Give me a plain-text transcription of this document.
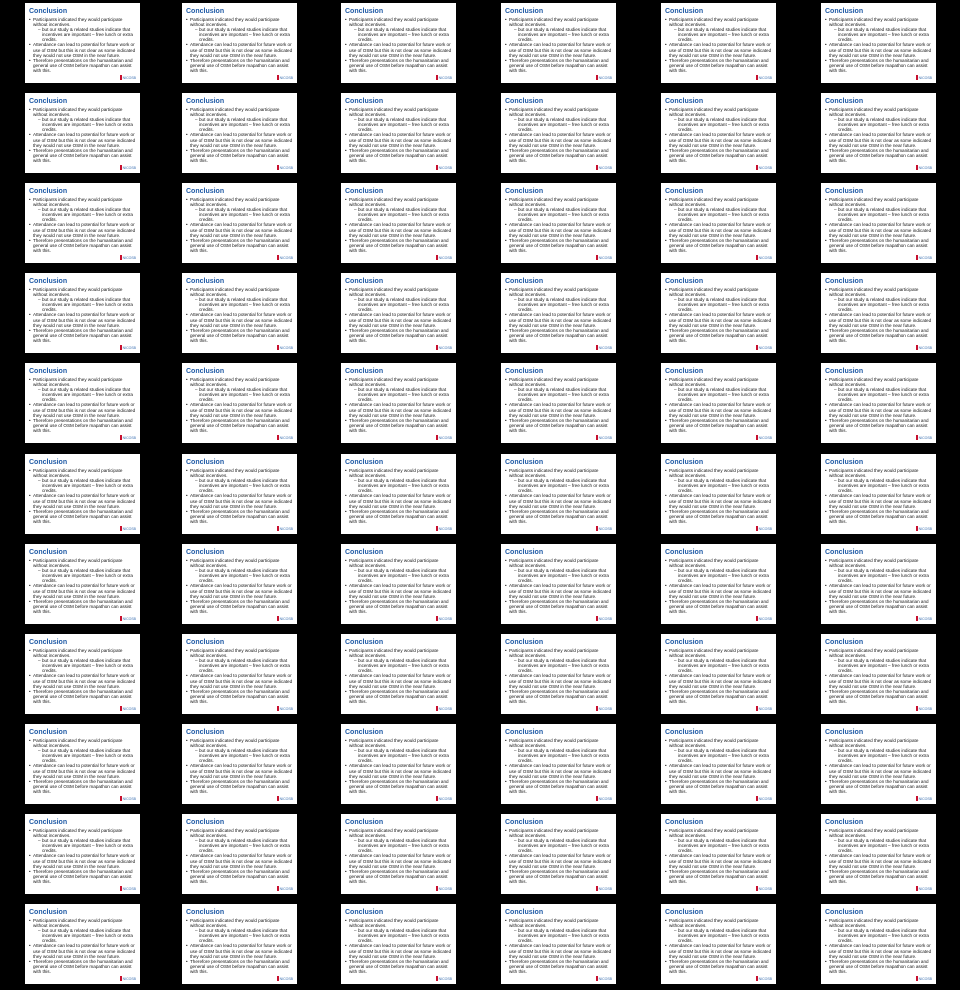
Conclusion
• Participants indicated they would participate without incentives.
– but our study & related studies indicate that incentives are important – free lunch or extra credits.
• Attendance can lead to potential for future work or use of OSM but this is not clear as some indicated they would not use OSM in the near future.
• Therefore presentations on the humanitarian and general use of OSM before mapathon can assist with this.
NICOSB
Conclusion
• Participants indicated they would participate without incentives.
– but our study & related studies indicate that incentives are important – free lunch or extra credits.
• Attendance can lead to potential for future work or use of OSM but this is not clear as some indicated they would not use OSM in the near future.
• Therefore presentations on the humanitarian and general use of OSM before mapathon can assist with this.
NICOSB
Conclusion
• Participants indicated they would participate without incentives.
– but our study & related studies indicate that incentives are important – free lunch or extra credits.
• Attendance can lead to potential for future work or use of OSM but this is not clear as some indicated they would not use OSM in the near future.
• Therefore presentations on the humanitarian and general use of OSM before mapathon can assist with this.
NICOSB
Conclusion
• Participants indicated they would participate without incentives.
– but our study & related studies indicate that incentives are important – free lunch or extra credits.
• Attendance can lead to potential for future work or use of OSM but this is not clear as some indicated they would not use OSM in the near future.
• Therefore presentations on the humanitarian and general use of OSM before mapathon can assist with this.
NICOSB
Conclusion
• Participants indicated they would participate without incentives.
– but our study & related studies indicate that incentives are important – free lunch or extra credits.
• Attendance can lead to potential for future work or use of OSM but this is not clear as some indicated they would not use OSM in the near future.
• Therefore presentations on the humanitarian and general use of OSM before mapathon can assist with this.
NICOSB
Conclusion
• Participants indicated they would participate without incentives.
– but our study & related studies indicate that incentives are important – free lunch or extra credits.
• Attendance can lead to potential for future work or use of OSM but this is not clear as some indicated they would not use OSM in the near future.
• Therefore presentations on the humanitarian and general use of OSM before mapathon can assist with this.
NICOSB
Conclusion
• Participants indicated they would participate without incentives.
– but our study & related studies indicate that incentives are important – free lunch or extra credits.
• Attendance can lead to potential for future work or use of OSM but this is not clear as some indicated they would not use OSM in the near future.
• Therefore presentations on the humanitarian and general use of OSM before mapathon can assist with this.
NICOSB
Conclusion
• Participants indicated they would participate without incentives.
– but our study & related studies indicate that incentives are important – free lunch or extra credits.
• Attendance can lead to potential for future work or use of OSM but this is not clear as some indicated they would not use OSM in the near future.
• Therefore presentations on the humanitarian and general use of OSM before mapathon can assist with this.
NICOSB
Conclusion
• Participants indicated they would participate without incentives.
– but our study & related studies indicate that incentives are important – free lunch or extra credits.
• Attendance can lead to potential for future work or use of OSM but this is not clear as some indicated they would not use OSM in the near future.
• Therefore presentations on the humanitarian and general use of OSM before mapathon can assist with this.
NICOSB
Conclusion
• Participants indicated they would participate without incentives.
– but our study & related studies indicate that incentives are important – free lunch or extra credits.
• Attendance can lead to potential for future work or use of OSM but this is not clear as some indicated they would not use OSM in the near future.
• Therefore presentations on the humanitarian and general use of OSM before mapathon can assist with this.
NICOSB
Conclusion
• Participants indicated they would participate without incentives.
– but our study & related studies indicate that incentives are important – free lunch or extra credits.
• Attendance can lead to potential for future work or use of OSM but this is not clear as some indicated they would not use OSM in the near future.
• Therefore presentations on the humanitarian and general use of OSM before mapathon can assist with this.
NICOSB
Conclusion
• Participants indicated they would participate without incentives.
– but our study & related studies indicate that incentives are important – free lunch or extra credits.
• Attendance can lead to potential for future work or use of OSM but this is not clear as some indicated they would not use OSM in the near future.
• Therefore presentations on the humanitarian and general use of OSM before mapathon can assist with this.
NICOSB
Conclusion
• Participants indicated they would participate without incentives.
– but our study & related studies indicate that incentives are important – free lunch or extra credits.
• Attendance can lead to potential for future work or use of OSM but this is not clear as some indicated they would not use OSM in the near future.
• Therefore presentations on the humanitarian and general use of OSM before mapathon can assist with this.
NICOSB
Conclusion
• Participants indicated they would participate without incentives.
– but our study & related studies indicate that incentives are important – free lunch or extra credits.
• Attendance can lead to potential for future work or use of OSM but this is not clear as some indicated they would not use OSM in the near future.
• Therefore presentations on the humanitarian and general use of OSM before mapathon can assist with this.
NICOSB
Conclusion
• Participants indicated they would participate without incentives.
– but our study & related studies indicate that incentives are important – free lunch or extra credits.
• Attendance can lead to potential for future work or use of OSM but this is not clear as some indicated they would not use OSM in the near future.
• Therefore presentations on the humanitarian and general use of OSM before mapathon can assist with this.
NICOSB
Conclusion
• Participants indicated they would participate without incentives.
– but our study & related studies indicate that incentives are important – free lunch or extra credits.
• Attendance can lead to potential for future work or use of OSM but this is not clear as some indicated they would not use OSM in the near future.
• Therefore presentations on the humanitarian and general use of OSM before mapathon can assist with this.
NICOSB
Conclusion
• Participants indicated they would participate without incentives.
– but our study & related studies indicate that incentives are important – free lunch or extra credits.
• Attendance can lead to potential for future work or use of OSM but this is not clear as some indicated they would not use OSM in the near future.
• Therefore presentations on the humanitarian and general use of OSM before mapathon can assist with this.
NICOSB
Conclusion
• Participants indicated they would participate without incentives.
– but our study & related studies indicate that incentives are important – free lunch or extra credits.
• Attendance can lead to potential for future work or use of OSM but this is not clear as some indicated they would not use OSM in the near future.
• Therefore presentations on the humanitarian and general use of OSM before mapathon can assist with this.
NICOSB
Conclusion
• Participants indicated they would participate without incentives.
– but our study & related studies indicate that incentives are important – free lunch or extra credits.
• Attendance can lead to potential for future work or use of OSM but this is not clear as some indicated they would not use OSM in the near future.
• Therefore presentations on the humanitarian and general use of OSM before mapathon can assist with this.
NICOSB
Conclusion
• Participants indicated they would participate without incentives.
– but our study & related studies indicate that incentives are important – free lunch or extra credits.
• Attendance can lead to potential for future work or use of OSM but this is not clear as some indicated they would not use OSM in the near future.
• Therefore presentations on the humanitarian and general use of OSM before mapathon can assist with this.
NICOSB
Conclusion
• Participants indicated they would participate without incentives.
– but our study & related studies indicate that incentives are important – free lunch or extra credits.
• Attendance can lead to potential for future work or use of OSM but this is not clear as some indicated they would not use OSM in the near future.
• Therefore presentations on the humanitarian and general use of OSM before mapathon can assist with this.
NICOSB
Conclusion
• Participants indicated they would participate without incentives.
– but our study & related studies indicate that incentives are important – free lunch or extra credits.
• Attendance can lead to potential for future work or use of OSM but this is not clear as some indicated they would not use OSM in the near future.
• Therefore presentations on the humanitarian and general use of OSM before mapathon can assist with this.
NICOSB
Conclusion
• Participants indicated they would participate without incentives.
– but our study & related studies indicate that incentives are important – free lunch or extra credits.
• Attendance can lead to potential for future work or use of OSM but this is not clear as some indicated they would not use OSM in the near future.
• Therefore presentations on the humanitarian and general use of OSM before mapathon can assist with this.
NICOSB
Conclusion
• Participants indicated they would participate without incentives.
– but our study & related studies indicate that incentives are important – free lunch or extra credits.
• Attendance can lead to potential for future work or use of OSM but this is not clear as some indicated they would not use OSM in the near future.
• Therefore presentations on the humanitarian and general use of OSM before mapathon can assist with this.
NICOSB
Conclusion
• Participants indicated they would participate without incentives.
– but our study & related studies indicate that incentives are important – free lunch or extra credits.
• Attendance can lead to potential for future work or use of OSM but this is not clear as some indicated they would not use OSM in the near future.
• Therefore presentations on the humanitarian and general use of OSM before mapathon can assist with this.
NICOSB
Conclusion
• Participants indicated they would participate without incentives.
– but our study & related studies indicate that incentives are important – free lunch or extra credits.
• Attendance can lead to potential for future work or use of OSM but this is not clear as some indicated they would not use OSM in the near future.
• Therefore presentations on the humanitarian and general use of OSM before mapathon can assist with this.
NICOSB
Conclusion
• Participants indicated they would participate without incentives.
– but our study & related studies indicate that incentives are important – free lunch or extra credits.
• Attendance can lead to potential for future work or use of OSM but this is not clear as some indicated they would not use OSM in the near future.
• Therefore presentations on the humanitarian and general use of OSM before mapathon can assist with this.
NICOSB
Conclusion
• Participants indicated they would participate without incentives.
– but our study & related studies indicate that incentives are important – free lunch or extra credits.
• Attendance can lead to potential for future work or use of OSM but this is not clear as some indicated they would not use OSM in the near future.
• Therefore presentations on the humanitarian and general use of OSM before mapathon can assist with this.
NICOSB
Conclusion
• Participants indicated they would participate without incentives.
– but our study & related studies indicate that incentives are important – free lunch or extra credits.
• Attendance can lead to potential for future work or use of OSM but this is not clear as some indicated they would not use OSM in the near future.
• Therefore presentations on the humanitarian and general use of OSM before mapathon can assist with this.
NICOSB
Conclusion
• Participants indicated they would participate without incentives.
– but our study & related studies indicate that incentives are important – free lunch or extra credits.
• Attendance can lead to potential for future work or use of OSM but this is not clear as some indicated they would not use OSM in the near future.
• Therefore presentations on the humanitarian and general use of OSM before mapathon can assist with this.
NICOSB
Conclusion
• Participants indicated they would participate without incentives.
– but our study & related studies indicate that incentives are important – free lunch or extra credits.
• Attendance can lead to potential for future work or use of OSM but this is not clear as some indicated they would not use OSM in the near future.
• Therefore presentations on the humanitarian and general use of OSM before mapathon can assist with this.
NICOSB
Conclusion
• Participants indicated they would participate without incentives.
– but our study & related studies indicate that incentives are important – free lunch or extra credits.
• Attendance can lead to potential for future work or use of OSM but this is not clear as some indicated they would not use OSM in the near future.
• Therefore presentations on the humanitarian and general use of OSM before mapathon can assist with this.
NICOSB
Conclusion
• Participants indicated they would participate without incentives.
– but our study & related studies indicate that incentives are important – free lunch or extra credits.
• Attendance can lead to potential for future work or use of OSM but this is not clear as some indicated they would not use OSM in the near future.
• Therefore presentations on the humanitarian and general use of OSM before mapathon can assist with this.
NICOSB
Conclusion
• Participants indicated they would participate without incentives.
– but our study & related studies indicate that incentives are important – free lunch or extra credits.
• Attendance can lead to potential for future work or use of OSM but this is not clear as some indicated they would not use OSM in the near future.
• Therefore presentations on the humanitarian and general use of OSM before mapathon can assist with this.
NICOSB
Conclusion
• Participants indicated they would participate without incentives.
– but our study & related studies indicate that incentives are important – free lunch or extra credits.
• Attendance can lead to potential for future work or use of OSM but this is not clear as some indicated they would not use OSM in the near future.
• Therefore presentations on the humanitarian and general use of OSM before mapathon can assist with this.
NICOSB
Conclusion
• Participants indicated they would participate without incentives.
– but our study & related studies indicate that incentives are important – free lunch or extra credits.
• Attendance can lead to potential for future work or use of OSM but this is not clear as some indicated they would not use OSM in the near future.
• Therefore presentations on the humanitarian and general use of OSM before mapathon can assist with this.
NICOSB
Conclusion
• Participants indicated they would participate without incentives.
– but our study & related studies indicate that incentives are important – free lunch or extra credits.
• Attendance can lead to potential for future work or use of OSM but this is not clear as some indicated they would not use OSM in the near future.
• Therefore presentations on the humanitarian and general use of OSM before mapathon can assist with this.
NICOSB
Conclusion
• Participants indicated they would participate without incentives.
– but our study & related studies indicate that incentives are important – free lunch or extra credits.
• Attendance can lead to potential for future work or use of OSM but this is not clear as some indicated they would not use OSM in the near future.
• Therefore presentations on the humanitarian and general use of OSM before mapathon can assist with this.
NICOSB
Conclusion
• Participants indicated they would participate without incentives.
– but our study & related studies indicate that incentives are important – free lunch or extra credits.
• Attendance can lead to potential for future work or use of OSM but this is not clear as some indicated they would not use OSM in the near future.
• Therefore presentations on the humanitarian and general use of OSM before mapathon can assist with this.
NICOSB
Conclusion
• Participants indicated they would participate without incentives.
– but our study & related studies indicate that incentives are important – free lunch or extra credits.
• Attendance can lead to potential for future work or use of OSM but this is not clear as some indicated they would not use OSM in the near future.
• Therefore presentations on the humanitarian and general use of OSM before mapathon can assist with this.
NICOSB
Conclusion
• Participants indicated they would participate without incentives.
– but our study & related studies indicate that incentives are important – free lunch or extra credits.
• Attendance can lead to potential for future work or use of OSM but this is not clear as some indicated they would not use OSM in the near future.
• Therefore presentations on the humanitarian and general use of OSM before mapathon can assist with this.
NICOSB
Conclusion
• Participants indicated they would participate without incentives.
– but our study & related studies indicate that incentives are important – free lunch or extra credits.
• Attendance can lead to potential for future work or use of OSM but this is not clear as some indicated they would not use OSM in the near future.
• Therefore presentations on the humanitarian and general use of OSM before mapathon can assist with this.
NICOSB
Conclusion
• Participants indicated they would participate without incentives.
– but our study & related studies indicate that incentives are important – free lunch or extra credits.
• Attendance can lead to potential for future work or use of OSM but this is not clear as some indicated they would not use OSM in the near future.
• Therefore presentations on the humanitarian and general use of OSM before mapathon can assist with this.
NICOSB
Conclusion
• Participants indicated they would participate without incentives.
– but our study & related studies indicate that incentives are important – free lunch or extra credits.
• Attendance can lead to potential for future work or use of OSM but this is not clear as some indicated they would not use OSM in the near future.
• Therefore presentations on the humanitarian and general use of OSM before mapathon can assist with this.
NICOSB
Conclusion
• Participants indicated they would participate without incentives.
– but our study & related studies indicate that incentives are important – free lunch or extra credits.
• Attendance can lead to potential for future work or use of OSM but this is not clear as some indicated they would not use OSM in the near future.
• Therefore presentations on the humanitarian and general use of OSM before mapathon can assist with this.
NICOSB
Conclusion
• Participants indicated they would participate without incentives.
– but our study & related studies indicate that incentives are important – free lunch or extra credits.
• Attendance can lead to potential for future work or use of OSM but this is not clear as some indicated they would not use OSM in the near future.
• Therefore presentations on the humanitarian and general use of OSM before mapathon can assist with this.
NICOSB
Conclusion
• Participants indicated they would participate without incentives.
– but our study & related studies indicate that incentives are important – free lunch or extra credits.
• Attendance can lead to potential for future work or use of OSM but this is not clear as some indicated they would not use OSM in the near future.
• Therefore presentations on the humanitarian and general use of OSM before mapathon can assist with this.
NICOSB
Conclusion
• Participants indicated they would participate without incentives.
– but our study & related studies indicate that incentives are important – free lunch or extra credits.
• Attendance can lead to potential for future work or use of OSM but this is not clear as some indicated they would not use OSM in the near future.
• Therefore presentations on the humanitarian and general use of OSM before mapathon can assist with this.
NICOSB
Conclusion
• Participants indicated they would participate without incentives.
– but our study & related studies indicate that incentives are important – free lunch or extra credits.
• Attendance can lead to potential for future work or use of OSM but this is not clear as some indicated they would not use OSM in the near future.
• Therefore presentations on the humanitarian and general use of OSM before mapathon can assist with this.
NICOSB
Conclusion
• Participants indicated they would participate without incentives.
– but our study & related studies indicate that incentives are important – free lunch or extra credits.
• Attendance can lead to potential for future work or use of OSM but this is not clear as some indicated they would not use OSM in the near future.
• Therefore presentations on the humanitarian and general use of OSM before mapathon can assist with this.
NICOSB
Conclusion
• Participants indicated they would participate without incentives.
– but our study & related studies indicate that incentives are important – free lunch or extra credits.
• Attendance can lead to potential for future work or use of OSM but this is not clear as some indicated they would not use OSM in the near future.
• Therefore presentations on the humanitarian and general use of OSM before mapathon can assist with this.
NICOSB
Conclusion
• Participants indicated they would participate without incentives.
– but our study & related studies indicate that incentives are important – free lunch or extra credits.
• Attendance can lead to potential for future work or use of OSM but this is not clear as some indicated they would not use OSM in the near future.
• Therefore presentations on the humanitarian and general use of OSM before mapathon can assist with this.
NICOSB
Conclusion
• Participants indicated they would participate without incentives.
– but our study & related studies indicate that incentives are important – free lunch or extra credits.
• Attendance can lead to potential for future work or use of OSM but this is not clear as some indicated they would not use OSM in the near future.
• Therefore presentations on the humanitarian and general use of OSM before mapathon can assist with this.
NICOSB
Conclusion
• Participants indicated they would participate without incentives.
– but our study & related studies indicate that incentives are important – free lunch or extra credits.
• Attendance can lead to potential for future work or use of OSM but this is not clear as some indicated they would not use OSM in the near future.
• Therefore presentations on the humanitarian and general use of OSM before mapathon can assist with this.
NICOSB
Conclusion
• Participants indicated they would participate without incentives.
– but our study & related studies indicate that incentives are important – free lunch or extra credits.
• Attendance can lead to potential for future work or use of OSM but this is not clear as some indicated they would not use OSM in the near future.
• Therefore presentations on the humanitarian and general use of OSM before mapathon can assist with this.
NICOSB
Conclusion
• Participants indicated they would participate without incentives.
– but our study & related studies indicate that incentives are important – free lunch or extra credits.
• Attendance can lead to potential for future work or use of OSM but this is not clear as some indicated they would not use OSM in the near future.
• Therefore presentations on the humanitarian and general use of OSM before mapathon can assist with this.
NICOSB
Conclusion
• Participants indicated they would participate without incentives.
– but our study & related studies indicate that incentives are important – free lunch or extra credits.
• Attendance can lead to potential for future work or use of OSM but this is not clear as some indicated they would not use OSM in the near future.
• Therefore presentations on the humanitarian and general use of OSM before mapathon can assist with this.
NICOSB
Conclusion
• Participants indicated they would participate without incentives.
– but our study & related studies indicate that incentives are important – free lunch or extra credits.
• Attendance can lead to potential for future work or use of OSM but this is not clear as some indicated they would not use OSM in the near future.
• Therefore presentations on the humanitarian and general use of OSM before mapathon can assist with this.
NICOSB
Conclusion
• Participants indicated they would participate without incentives.
– but our study & related studies indicate that incentives are important – free lunch or extra credits.
• Attendance can lead to potential for future work or use of OSM but this is not clear as some indicated they would not use OSM in the near future.
• Therefore presentations on the humanitarian and general use of OSM before mapathon can assist with this.
NICOSB
Conclusion
• Participants indicated they would participate without incentives.
– but our study & related studies indicate that incentives are important – free lunch or extra credits.
• Attendance can lead to potential for future work or use of OSM but this is not clear as some indicated they would not use OSM in the near future.
• Therefore presentations on the humanitarian and general use of OSM before mapathon can assist with this.
NICOSB
Conclusion
• Participants indicated they would participate without incentives.
– but our study & related studies indicate that incentives are important – free lunch or extra credits.
• Attendance can lead to potential for future work or use of OSM but this is not clear as some indicated they would not use OSM in the near future.
• Therefore presentations on the humanitarian and general use of OSM before mapathon can assist with this.
NICOSB
Conclusion
• Participants indicated they would participate without incentives.
– but our study & related studies indicate that incentives are important – free lunch or extra credits.
• Attendance can lead to potential for future work or use of OSM but this is not clear as some indicated they would not use OSM in the near future.
• Therefore presentations on the humanitarian and general use of OSM before mapathon can assist with this.
NICOSB
Conclusion
• Participants indicated they would participate without incentives.
– but our study & related studies indicate that incentives are important – free lunch or extra credits.
• Attendance can lead to potential for future work or use of OSM but this is not clear as some indicated they would not use OSM in the near future.
• Therefore presentations on the humanitarian and general use of OSM before mapathon can assist with this.
NICOSB
Conclusion
• Participants indicated they would participate without incentives.
– but our study & related studies indicate that incentives are important – free lunch or extra credits.
• Attendance can lead to potential for future work or use of OSM but this is not clear as some indicated they would not use OSM in the near future.
• Therefore presentations on the humanitarian and general use of OSM before mapathon can assist with this.
NICOSB
Conclusion
• Participants indicated they would participate without incentives.
– but our study & related studies indicate that incentives are important – free lunch or extra credits.
• Attendance can lead to potential for future work or use of OSM but this is not clear as some indicated they would not use OSM in the near future.
• Therefore presentations on the humanitarian and general use of OSM before mapathon can assist with this.
NICOSB
Conclusion
• Participants indicated they would participate without incentives.
– but our study & related studies indicate that incentives are important – free lunch or extra credits.
• Attendance can lead to potential for future work or use of OSM but this is not clear as some indicated they would not use OSM in the near future.
• Therefore presentations on the humanitarian and general use of OSM before mapathon can assist with this.
NICOSB
